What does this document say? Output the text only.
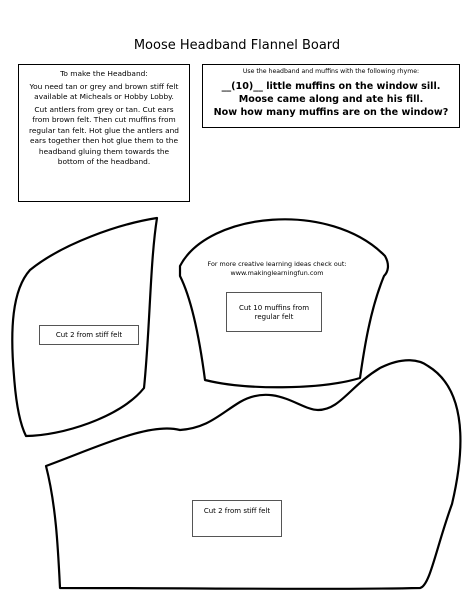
Moose Headband Flannel Board

To make the Headband:

You need tan or grey and brown stiff felt available at Micheals or Hobby Lobby.

Cut antlers from grey or tan. Cut ears from brown felt. Then cut muffins from regular tan felt. Hot glue the antlers and ears together then hot glue them to the headband gluing them towards the bottom of the headband.

Use the headband and muffins with the following rhyme:
__(10)__ little muffins on the window sill.
Moose came along and ate his fill.
Now how many muffins are on the window?
Cut 2 from stiff felt
For more creative learning ideas check out:
www.makinglearningfun.com
Cut 10 muffins from
regular felt
Cut 2 from stiff felt
